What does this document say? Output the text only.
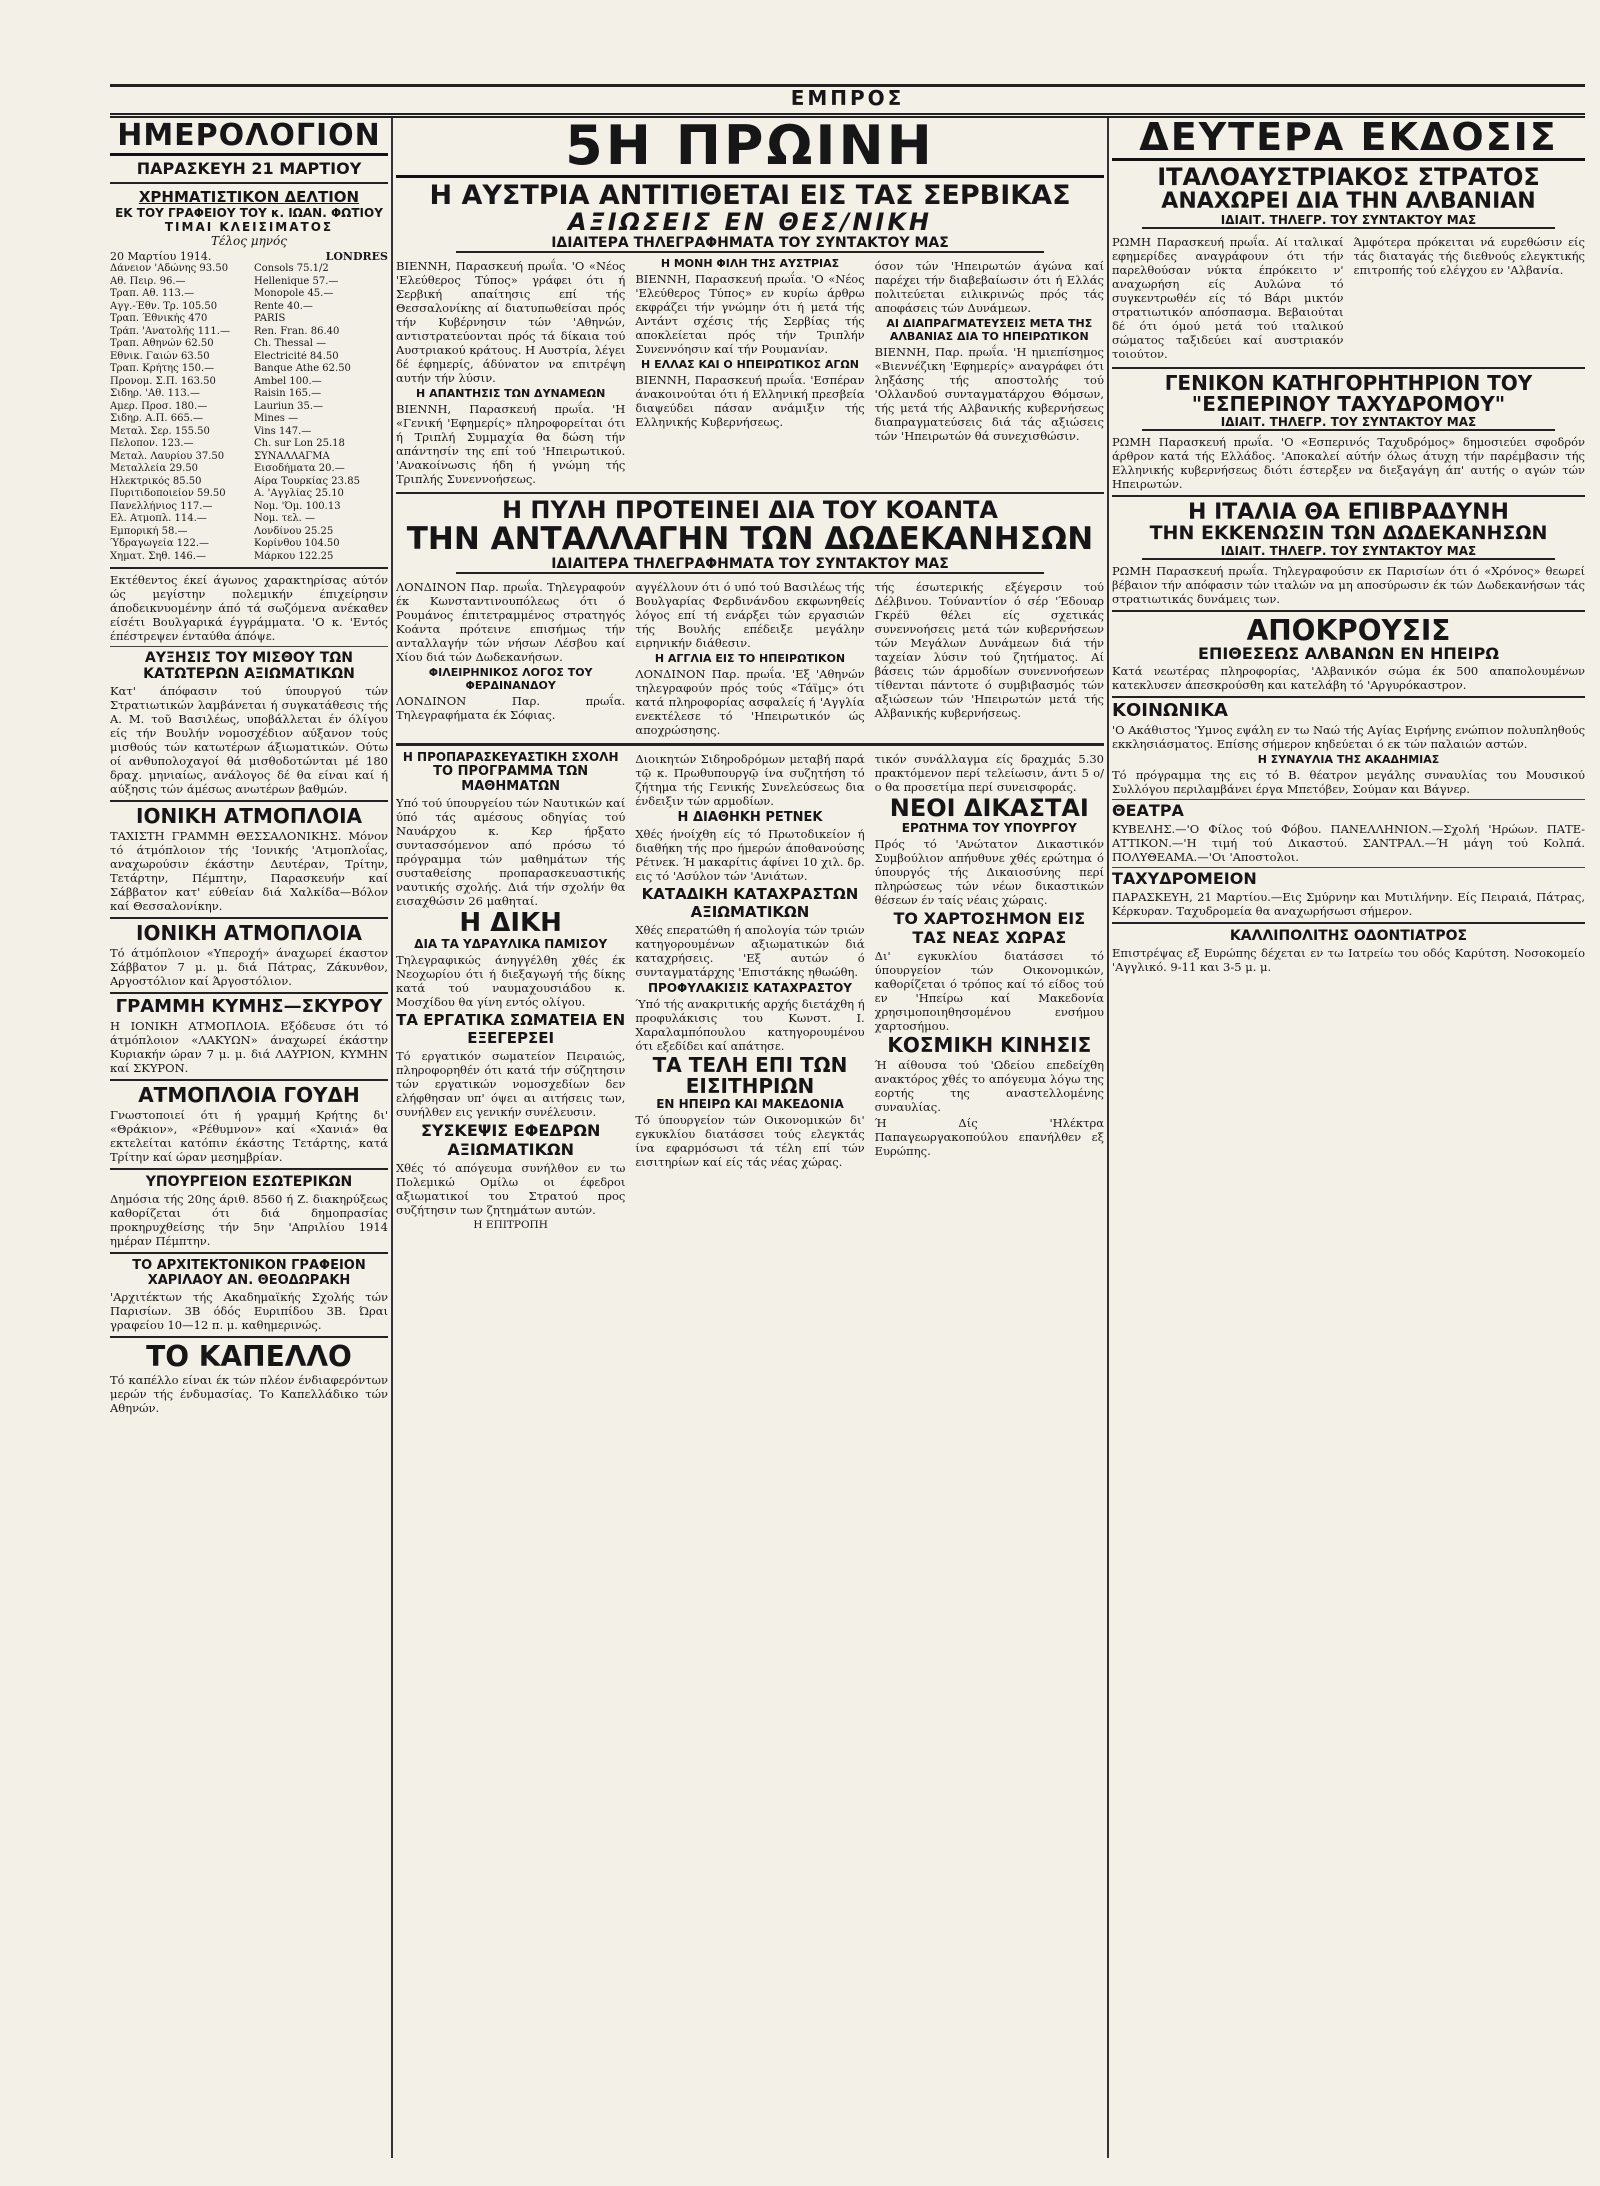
ΕΜΠΡΟΣ
ΗΜΕΡΟΛΟΓΙΟΝ
ΠΑΡΑΣΚΕΥΗ 21 ΜΑΡΤΙΟΥ
ΧΡΗΜΑΤΙΣΤΙΚΟΝ ΔΕΛΤΙΟΝ
ΕΚ ΤΟΥ ΓΡΑΦΕΙΟΥ ΤΟΥ κ. ΙΩΑΝ. ΦΩΤΙΟΥ
ΤΙΜΑΙ ΚΛΕΙΣΙΜΑΤΟΣ
Τέλος μηνός
20 Μαρτίου 1914.	LONDRES
Δάνειον 'Αδώνης 93.50
Αθ. Πειρ. 96.—
Τραπ. Αθ. 113.—
Αγγ.-Έθν. Τρ. 105.50
Τραπ. Έθνικής 470
Τράπ. 'Ανατολής 111.—
Τραπ. Αθηνών 62.50
Εθνικ. Γαιών 63.50
Τραπ. Κρήτης 150.—
Προνομ. Σ.Π. 163.50
Σιδηρ. 'Αθ. 113.—
Αμερ. Προσ. 180.—
Σιδηρ. Α.Π. 665.—
Μεταλ. Σερ. 155.50
Πελοπον. 123.—
Μεταλ. Λαυρίου 37.50
Μεταλλεία 29.50
Ηλεκτρικός 85.50
Πυριτιδοποιείον 59.50
Πανελλήνιος 117.—
Ελ. Ατμοπλ. 114.—
Εμπορική 58.—
Ύδραγωγεία 122.—
Χηματ. Σηθ. 146.—
Consols 75.1/2
Hellenique 57.—
Monopole 45.—
Rente 40.—
PARIS
Ren. Fran. 86.40
Ch. Thessal —
Electricité 84.50
Banque Athe 62.50
Ambel 100.—
Raisin 165.—
Lauriun 35.—
Mines —
Vins 147.—
Ch. sur Lon 25.18
ΣΥΝΑΛΛΑΓΜΑ
Εισοδήματα 20.—
Αίρα Τουρκίας 23.85
Α. 'Αγγλίας 25.10
Νομ. 'Όμ. 100.13
Νομ. τελ. —
Λονδίνου 25.25
Κορίνθου 104.50
Μάρκου 122.25
Εκτέθεντος έκεί άγωνος χαρακτηρίσας αύτόν ώς μεγίστην πολεμικήν έπιχείρησιν άποδεικνυομένην άπό τά σωζόμενα ανέκαθεν είσέτι Βουλγαρικά έγγράμματα. 'Ο κ. 'Εντός έπέστρεψεν ένταύθα άπόψε.
ΑΥΞΗΣΙΣ ΤΟΥ ΜΙΣΘΟΥ ΤΩΝ ΚΑΤΩΤΕΡΩΝ ΑΞΙΩΜΑΤΙΚΩΝ
Κατ' άπόφασιν τού ύπουργού τών Στρατιωτικών λαμβάνεται ή συγκατάθεσις τής Α. Μ. τοῦ Βασιλέως, υποβάλλεται έν όλίγου είς τήν Βουλήν νομοσχέδιον αύξανον τούς μισθούς τών κατωτέρων άξιωματικών. Ούτω οί ανθυπολοχαγοί θά μισθοδοτώνται μέ 180 δραχ. μηνιαίως, ανάλογος δέ θα είναι καί ή αύξησις τών άμέσως ανωτέρων βαθμών.
ΙΟΝΙΚΗ ΑΤΜΟΠΛΟΙΑ
ΤΑΧΙΣΤΗ ΓΡΑΜΜΗ ΘΕΣΣΑΛΟΝΙΚΗΣ. Μόνον τό άτμόπλοιον τής 'Ιονικής 'Ατμοπλοΐας, αναχωρούσιν έκάστην Δευτέραν, Τρίτην, Τετάρτην, Πέμπτην, Παρασκευήν καί Σάββατον κατ' εύθείαν διά Χαλκίδα—Βόλον καί Θεσσαλονίκην.
ΙΟΝΙΚΗ ΑΤΜΟΠΛΟΙΑ
Τό άτμόπλοιον «Υπεροχή» άναχωρεί έκαστον Σάββατον 7 μ. μ. διά Πάτρας, Ζάκυνθον, Αργοστόλιον καί Άργοστόλιον.
ΓΡΑΜΜΗ ΚΥΜΗΣ—ΣΚΥΡΟΥ
Η ΙΟΝΙΚΗ ΑΤΜΟΠΛΟΙΑ. Εξόδευσε ότι τό άτμόπλοιον «ΛΑΚΥΩΝ» άναχωρεί έκάστην Κυριακήν ώραν 7 μ. μ. διά ΛΑΥΡΙΟΝ, ΚΥΜΗΝ καί ΣΚΥΡΟΝ.
ΑΤΜΟΠΛΟΙΑ ΓΟΥΔΗ
Γνωστοποιεί ότι ή γραμμή Κρήτης δι' «Θράκιον», «Ρέθυμνον» καί «Χανιά» θα εκτελείται κατόπιν έκάστης Τετάρτης, κατά Τρίτην καί ώραν μεσημβρίαν.
ΥΠΟΥΡΓΕΙΟΝ ΕΣΩΤΕΡΙΚΩΝ
Δημόσια τής 20ης άριθ. 8560 ή Ζ. διακηρύξεως καθορίζεται ότι διά δημοπρασίας προκηρυχθείσης τήν 5ην 'Απριλίου 1914 ημέραν Πέμπτην.
ΤΟ ΑΡΧΙΤΕΚΤΟΝΙΚΟΝ ΓΡΑΦΕΙΟΝ ΧΑΡΙΛΑΟΥ ΑΝ. ΘΕΟΔΩΡΑΚΗ
'Αρχιτέκτων τής Ακαδημαϊκής Σχολής τών Παρισίων. 3Β όδός Ευριπίδου 3Β. Ώραι γραφείου 10—12 π. μ. καθημερινώς.
ΤΟ ΚΑΠΕΛΛΟ
Τό καπέλλο είναι έκ τών πλέον ένδιαφερόντων μερών τής ένδυμασίας. Το Καπελλάδικο τών Αθηνών.
5Η ΠΡΩΙΝΗ
Η ΑΥΣΤΡΙΑ ΑΝΤΙΤΙΘΕΤΑΙ ΕΙΣ ΤΑΣ ΣΕΡΒΙΚΑΣ
ΑΞΙΩΣΕΙΣ ΕΝ ΘΕΣ/ΝΙΚΗ
ΙΔΙΑΙΤΕΡΑ ΤΗΛΕΓΡΑΦΗΜΑΤΑ ΤΟΥ ΣΥΝΤΑΚΤΟΥ ΜΑΣ
ΒΙΕΝΝΗ, Παρασκευή πρωΐα. 'Ο «Νέος 'Ελεύθερος Τύπος» γράφει ότι ή Σερβική απαίτησις επί τής Θεσσαλονίκης αί διατυπωθείσαι πρός τήν Κυβέρνησιν τών 'Αθηνών, αντιστρατεύονται πρός τά δίκαια τού Αυστριακού κράτους. Η Αυστρία, λέγει δέ έφημερίς, άδύνατον να επιτρέψη αυτήν τήν λύσιν.
Η ΑΠΑΝΤΗΣΙΣ ΤΩΝ ΔΥΝΑΜΕΩΝ
ΒΙΕΝΝΗ, Παρασκευή πρωΐα. 'Η «Γενική 'Εφημερίς» πληροφορείται ότι ή Τριπλή Συμμαχία θα δώση τήν απάντησίν της επί τού 'Ηπειρωτικού. 'Ανακοίνωσις ήδη ή γνώμη τής Τριπλής Συνεννοήσεως.
Η ΜΟΝΗ ΦΙΛΗ ΤΗΣ ΑΥΣΤΡΙΑΣ
ΒΙΕΝΝΗ, Παρασκευή πρωΐα. 'Ο «Νέος 'Ελεύθερος Τύπος» εν κυρίω άρθρω εκφράζει τήν γνώμην ότι ή μετά τής Αντάντ σχέσις τής Σερβίας τής αποκλείεται πρός τήν Τριπλήν Συνεννόησιν καί τήν Ρουμανίαν.
Η ΕΛΛΑΣ ΚΑΙ Ο ΗΠΕΙΡΩΤΙΚΟΣ ΑΓΩΝ
ΒΙΕΝΝΗ, Παρασκευή πρωΐα. 'Εσπέραν άνακοινούται ότι ή Ελληνική πρεσβεία διαψεύδει πάσαν ανάμιξιν τής Ελληνικής Κυβερνήσεως.
όσον τών 'Ηπειρωτών άγώνα καί παρέχει τήν διαβεβαίωσιν ότι ή Ελλάς πολιτεύεται ειλικρινώς πρός τάς αποφάσεις τών Δυνάμεων.
ΑΙ ΔΙΑΠΡΑΓΜΑΤΕΥΣΕΙΣ ΜΕΤΑ ΤΗΣ ΑΛΒΑΝΙΑΣ ΔΙΑ ΤΟ ΗΠΕΙΡΩΤΙΚΟΝ
ΒΙΕΝΝΗ, Παρ. πρωΐα. 'Η ημιεπίσημος «Βιεννέζικη 'Εφημερίς» αναγράφει ότι ληξάσης τής αποστολής τού 'Ολλανδού συνταγματάρχου Θόμσων, τής μετά τής Αλβανικής κυβερνήσεως διαπραγματεύσεις διά τάς αξιώσεις τών 'Ηπειρωτών θά συνεχισθώσιν.
Η ΠΥΛΗ ΠΡΟΤΕΙΝΕΙ ΔΙΑ ΤΟΥ ΚΟΑΝΤΑ
ΤΗΝ ΑΝΤΑΛΛΑΓΗΝ ΤΩΝ ΔΩΔΕΚΑΝΗΣΩΝ
ΙΔΙΑΙΤΕΡΑ ΤΗΛΕΓΡΑΦΗΜΑΤΑ ΤΟΥ ΣΥΝΤΑΚΤΟΥ ΜΑΣ
ΛΟΝΔΙΝΟΝ Παρ. πρωΐα. Τηλεγραφούν έκ Κωνσταντινουπόλεως ότι ό Ρουμάνος έπιτετραμμένος στρατηγός Κοάντα πρότεινε επισήμως τήν ανταλλαγήν τών νήσων Λέσβου καί Χίου διά τών Δωδεκανήσων.
ΦΙΛΕΙΡΗΝΙΚΟΣ ΛΟΓΟΣ ΤΟΥ ΦΕΡΔΙΝΑΝΔΟΥ
ΛΟΝΔΙΝΟΝ Παρ. πρωΐα. Τηλεγραφήματα έκ Σόφιας.
αγγέλλουν ότι ό υπό τού Βασιλέως τής Βουλγαρίας Φερδινάνδου εκφωνηθείς λόγος επί τή ενάρξει τών εργασιών τής Βουλής επέδειξε μεγάλην ειρηνικήν διάθεσιν.
Η ΑΓΓΛΙΑ ΕΙΣ ΤΟ ΗΠΕΙΡΩΤΙΚΟΝ
ΛΟΝΔΙΝΟΝ Παρ. πρωΐα. 'Εξ 'Αθηνών τηλεγραφούν πρός τούς «Τάϊμς» ότι κατά πληροφορίας ασφαλείς ή 'Αγγλία ενεκτέλεσε τό 'Ηπειρωτικόν ώς αποχρώσησης.
τής έσωτερικής εξέγερσιν τού Δέλβινου. Τούναντίον ό σέρ 'Έδουαρ Γκρέϋ θέλει είς σχετικάς συνεννοήσεις μετά τών κυβερνήσεων τών Μεγάλων Δυνάμεων διά τήν ταχείαν λύσιν τού ζητήματος. Αί βάσεις τών άρμοδίων συνεννοήσεων τίθενται πάντοτε ό συμβιβασμός τών αξιώσεων τών 'Ηπειρωτών μετά τής Αλβανικής κυβερνήσεως.
Η ΠΡΟΠΑΡΑΣΚΕΥΑΣΤΙΚΗ ΣΧΟΛΗ
ΤΟ ΠΡΟΓΡΑΜΜΑ ΤΩΝ ΜΑΘΗΜΑΤΩΝ
Υπό τού ύπουργείου τών Ναυτικών καί ύπό τάς αμέσους οδηγίας τού Ναυάρχου κ. Κερ ήρξατο συντασσόμενον από πρόσω τό πρόγραμμα τών μαθημάτων τής συσταθείσης προπαρασκευαστικής ναυτικής σχολής. Διά τήν σχολήν θα εισαχθώσιν 26 μαθηταί.
Η ΔΙΚΗ
ΔΙΑ ΤΑ ΥΔΡΑΥΛΙΚΑ ΠΑΜΙΣΟΥ
Τηλεγραφικώς άνηγγέλθη χθές έκ Νεοχωρίου ότι ή διεξαγωγή τής δίκης κατά τού ναυμαχουσιάδου κ. Μοσχίδου θα γίνη εντός ολίγου.
ΤΑ ΕΡΓΑΤΙΚΑ ΣΩΜΑΤΕΙΑ ΕΝ ΕΞΕΓΕΡΣΕΙ
Τό εργατικόν σωματείον Πειραιώς, πληροφορηθέν ότι κατά τήν σύζητησιν τών εργατικών νομοσχεδίων δεν ελήφθησαν υπ' όψει αι αιτήσεις των, συνήλθεν εις γενικήν συνέλευσιν.
ΣΥΣΚΕΨΙΣ ΕΦΕΔΡΩΝ ΑΞΙΩΜΑΤΙΚΩΝ
Χθές τό απόγευμα συνήλθον εν τω Πολεμικώ Ομίλω οι έφεδροι αξιωματικοί του Στρατού προς συζήτησιν των ζητημάτων αυτών.
Η ΕΠΙΤΡΟΠΗ
Διοικητών Σιδηροδρόμων μεταβή παρά τῷ κ. Πρωθυπουργῷ ίνα συζητήση τό ζήτημα τής Γενικής Συνελεύσεως δια ένδειξιν τών αρμοδίων.
Η ΔΙΑΘΗΚΗ ΡΕΤΝΕΚ
Χθές ήνοίχθη είς τό Πρωτοδικείον ή διαθήκη τής προ ήμερών άποθανούσης Ρέτνεκ. Ή μακαρίτις άφίνει 10 χιλ. δρ. εις τό 'Ασύλον τών 'Ανιάτων.
ΚΑΤΑΔΙΚΗ ΚΑΤΑΧΡΑΣΤΩΝ ΑΞΙΩΜΑΤΙΚΩΝ
Χθές επερατώθη ή απολογία τών τριών κατηγορουμένων αξιωματικών διά καταχρήσεις. 'Εξ αυτών ό συνταγματάρχης 'Επιστάκης ηθωώθη.
ΠΡΟΦΥΛΑΚΙΣΙΣ ΚΑΤΑΧΡΑΣΤΟΥ
Ύπό τής ανακριτικής αρχής διετάχθη ή προφυλάκισις του Κωνστ. Ι. Χαραλαμπόπουλου κατηγορουμένου ότι εξεδίδει καί απάτησε.
ΤΑ ΤΕΛΗ ΕΠΙ ΤΩΝ ΕΙΣΙΤΗΡΙΩΝ
ΕΝ ΗΠΕΙΡΩ ΚΑΙ ΜΑΚΕΔΟΝΙΑ
Τό ύπουργείον τών Οικονομικών δι' εγκυκλίου διατάσσει τούς ελεγκτάς ίνα εφαρμόσωσι τά τέλη επί τών εισιτηρίων καί είς τάς νέας χώρας.
τικόν συνάλλαγμα είς δραχμάς 5.30 πρακτόμενον περί τελείωσιν, άντι 5 ο/ο θα προσετίμα περί συνεισφοράς.
ΝΕΟΙ ΔΙΚΑΣΤΑΙ
ΕΡΩΤΗΜΑ ΤΟΥ ΥΠΟΥΡΓΟΥ
Πρός τό 'Ανώτατον Δικαστικόν Συμβούλιον απήυθυνε χθές ερώτημα ό ύπουργός τής Δικαιοσύνης περί πληρώσεως τών νέων δικαστικών θέσεων έν ταίς νέαις χώραις.
ΤΟ ΧΑΡΤΟΣΗΜΟΝ ΕΙΣ ΤΑΣ ΝΕΑΣ ΧΩΡΑΣ
Δι' εγκυκλίου διατάσσει τό ύπουργείον τών Οικονομικών, καθορίζεται ό τρόπος καί τό είδος τού εν 'Ηπείρω καί Μακεδονία χρησιμοποιηθησομένου ενσήμου χαρτοσήμου.
ΚΟΣΜΙΚΗ ΚΙΝΗΣΙΣ
Ή αίθουσα τού 'Ωδείου επεδείχθη ανακτόρος χθές το απόγευμα λόγω της εορτής της αναστελλομένης συναυλίας.
Ή Δίς 'Ηλέκτρα Παπαγεωργακοπούλου επανήλθεν εξ Ευρώπης.
ΔΕΥΤΕΡΑ ΕΚΔΟΣΙΣ
ΙΤΑΛΟΑΥΣΤΡΙΑΚΟΣ ΣΤΡΑΤΟΣ
ΑΝΑΧΩΡΕΙ ΔΙΑ ΤΗΝ ΑΛΒΑΝΙΑΝ
ΙΔΙΑΙΤ. ΤΗΛΕΓΡ. ΤΟΥ ΣΥΝΤΑΚΤΟΥ ΜΑΣ
ΡΩΜΗ Παρασκευή πρωΐα. Αί ιταλικαί εφημερίδες αναγράφουν ότι τήν παρελθούσαν νύκτα έπρόκειτο ν' αναχωρήση είς Αυλώνα τό συγκεντρωθέν είς τό Βάρι μικτόν στρατιωτικόν απόσπασμα. Βεβαιούται δέ ότι όμού μετά τού ιταλικού σώματος ταξιδεύει καί αυστριακόν τοιούτον.
Άμφότερα πρόκειται νά ευρεθώσιν είς τάς διαταγάς τής διεθνούς ελεγκτικής επιτροπής τού ελέγχου εν 'Αλβανία.
ΓΕΝΙΚΟΝ ΚΑΤΗΓΟΡΗΤΗΡΙΟΝ ΤΟΥ "ΕΣΠΕΡΙΝΟΥ ΤΑΧΥΔΡΟΜΟΥ"
ΙΔΙΑΙΤ. ΤΗΛΕΓΡ. ΤΟΥ ΣΥΝΤΑΚΤΟΥ ΜΑΣ
ΡΩΜΗ Παρασκευή πρωΐα. 'Ο «Εσπερινός Ταχυδρόμος» δημοσιεύει σφοδρόν άρθρον κατά τής Ελλάδος. 'Αποκαλεί αύτήν όλως άτυχη τήν παρέμβασιν τής Ελληνικής κυβερνήσεως διότι έστερξεν να διεξαγάγη άπ' αυτής ο αγών τών Ηπειρωτών.
Η ΙΤΑΛΙΑ ΘΑ ΕΠΙΒΡΑΔΥΝΗ
ΤΗΝ ΕΚΚΕΝΩΣΙΝ ΤΩΝ ΔΩΔΕΚΑΝΗΣΩΝ
ΙΔΙΑΙΤ. ΤΗΛΕΓΡ. ΤΟΥ ΣΥΝΤΑΚΤΟΥ ΜΑΣ
ΡΩΜΗ Παρασκευή πρωΐα. Τηλεγραφούσιν εκ Παρισίων ότι ό «Χρόνος» θεωρεί βέβαιον τήν απόφασιν τών ιταλών να μη αποσύρωσιν έκ τών Δωδεκανήσων τάς στρατιωτικάς δυνάμεις των.
ΑΠΟΚΡΟΥΣΙΣ
ΕΠΙΘΕΣΕΩΣ ΑΛΒΑΝΩΝ ΕΝ ΗΠΕΙΡΩ
Κατά νεωτέρας πληροφορίας, 'Αλβανικόν σώμα έκ 500 απαπολουμένων κατεκλυσεν άπεσκρούσθη και κατελάβη τό 'Αργυρόκαστρον.
ΚΟΙΝΩΝΙΚΑ
'Ο Ακάθιστος 'Υμνος εψάλη εν τω Ναώ τής Αγίας Ειρήνης ενώπιον πολυπληθούς εκκλησιάσματος. Επίσης σήμερον κηδεύεται ό εκ τών παλαιών αστών.
Η ΣΥΝΑΥΛΙΑ ΤΗΣ ΑΚΑΔΗΜΙΑΣ
Τό πρόγραμμα της εις τό Β. θέατρον μεγάλης συναυλίας του Μουσικού Συλλόγου περιλαμβάνει έργα Μπετόβεν, Σούμαν και Βάγνερ.
ΘΕΑΤΡΑ
ΚΥΒΕΛΗΣ.—'Ο Φίλος τού Φόβου. ΠΑΝΕΛΛΗΝΙΟΝ.—Σχολή 'Ηρώων. ΠΑΤΕ-ΑΤΤΙΚΟΝ.—'Η τιμή τού Δικαστού. ΣΑΝΤΡΑΛ.—Ή μάγη τού Κολπά. ΠΟΛΥΘΕΑΜΑ.—'Οι 'Αποστολοι.
ΤΑΧΥΔΡΟΜΕΙΟΝ
ΠΑΡΑΣΚΕΥΗ, 21 Μαρτίου.—Εις Σμύρνην και Μυτιλήνην. Είς Πειραιά, Πάτρας, Κέρκυραν. Ταχυδρομεία θα αναχωρήσωσι σήμερον.
ΚΑΛΛΙΠΟΛΙΤΗΣ ΟΔΟΝΤΙΑΤΡΟΣ
Επιστρέψας εξ Ευρώπης δέχεται εν τω Ιατρείω του οδός Καρύτση. Νοσοκομείο 'Αγγλικό. 9-11 και 3-5 μ. μ.
